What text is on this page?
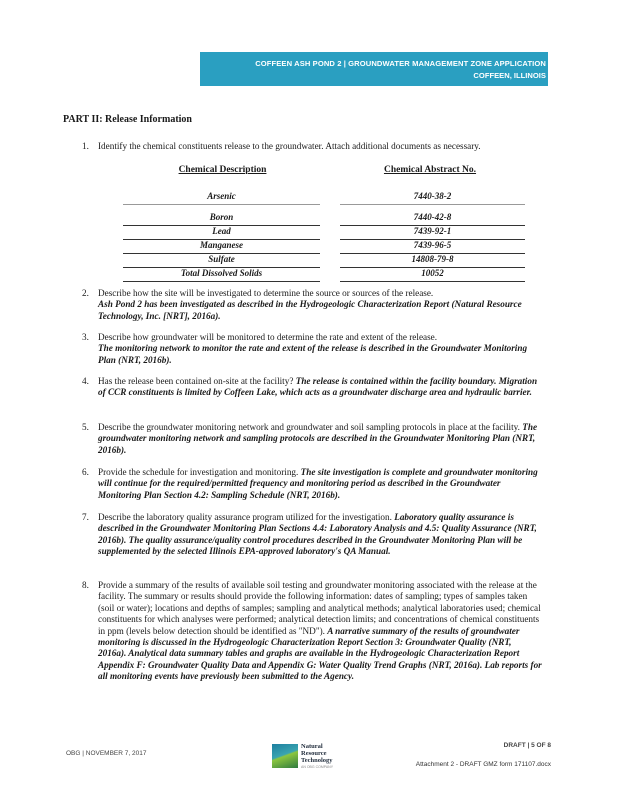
COFFEEN ASH POND 2 | GROUNDWATER MANAGEMENT ZONE APPLICATION
COFFEEN, ILLINOIS
PART II: Release Information
1. Identify the chemical constituents release to the groundwater. Attach additional documents as necessary.
Chemical Description	Chemical Abstract No.
Arsenic	7440-38-2
Boron	7440-42-8
Lead	7439-92-1
Manganese	7439-96-5
Sulfate	14808-79-8
Total Dissolved Solids	10052
2. Describe how the site will be investigated to determine the source or sources of the release.
Ash Pond 2 has been investigated as described in the Hydrogeologic Characterization Report (Natural Resource Technology, Inc. [NRT], 2016a).
3. Describe how groundwater will be monitored to determine the rate and extent of the release.
The monitoring network to monitor the rate and extent of the release is described in the Groundwater Monitoring Plan (NRT, 2016b).
4. Has the release been contained on-site at the facility? The release is contained within the facility boundary. Migration of CCR constituents is limited by Coffeen Lake, which acts as a groundwater discharge area and hydraulic barrier.
5. Describe the groundwater monitoring network and groundwater and soil sampling protocols in place at the facility. The groundwater monitoring network and sampling protocols are described in the Groundwater Monitoring Plan (NRT, 2016b).
6. Provide the schedule for investigation and monitoring. The site investigation is complete and groundwater monitoring will continue for the required/permitted frequency and monitoring period as described in the Groundwater Monitoring Plan Section 4.2: Sampling Schedule (NRT, 2016b).
7. Describe the laboratory quality assurance program utilized for the investigation. Laboratory quality assurance is described in the Groundwater Monitoring Plan Sections 4.4: Laboratory Analysis and 4.5: Quality Assurance (NRT, 2016b). The quality assurance/quality control procedures described in the Groundwater Monitoring Plan will be supplemented by the selected Illinois EPA-approved laboratory's QA Manual.
8. Provide a summary of the results of available soil testing and groundwater monitoring associated with the release at the facility. The summary or results should provide the following information: dates of sampling; types of samples taken (soil or water); locations and depths of samples; sampling and analytical methods; analytical laboratories used; chemical constituents for which analyses were performed; analytical detection limits; and concentrations of chemical constituents in ppm (levels below detection should be identified as "ND"). A narrative summary of the results of groundwater monitoring is discussed in the Hydrogeologic Characterization Report Section 3: Groundwater Quality (NRT, 2016a). Analytical data summary tables and graphs are available in the Hydrogeologic Characterization Report Appendix F: Groundwater Quality Data and Appendix G: Water Quality Trend Graphs (NRT, 2016a). Lab reports for all monitoring events have previously been submitted to the Agency.
OBG | NOVEMBER 7, 2017
Natural
Resource
Technology
AN OBG COMPANY
DRAFT | 5 OF 8
Attachment 2 - DRAFT GMZ form 171107.docx
